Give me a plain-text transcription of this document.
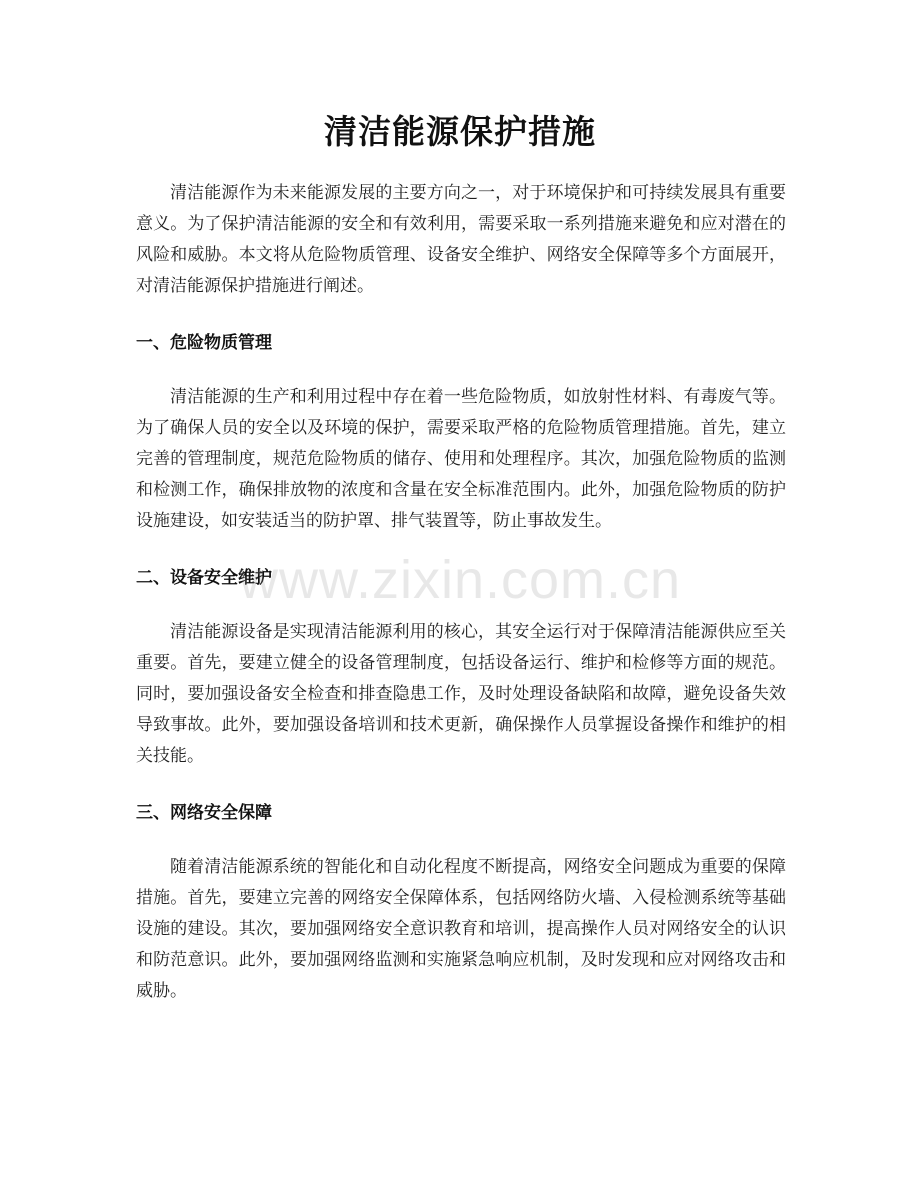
清洁能源保护措施

清洁能源作为未来能源发展的主要方向之一，对于环境保护和可持续发展具有重要意义。为了保护清洁能源的安全和有效利用，需要采取一系列措施来避免和应对潜在的风险和威胁。本文将从危险物质管理、设备安全维护、网络安全保障等多个方面展开，对清洁能源保护措施进行阐述。

一、危险物质管理

清洁能源的生产和利用过程中存在着一些危险物质，如放射性材料、有毒废气等。为了确保人员的安全以及环境的保护，需要采取严格的危险物质管理措施。首先，建立完善的管理制度，规范危险物质的储存、使用和处理程序。其次，加强危险物质的监测和检测工作，确保排放物的浓度和含量在安全标准范围内。此外，加强危险物质的防护设施建设，如安装适当的防护罩、排气装置等，防止事故发生。

二、设备安全维护

清洁能源设备是实现清洁能源利用的核心，其安全运行对于保障清洁能源供应至关重要。首先，要建立健全的设备管理制度，包括设备运行、维护和检修等方面的规范。同时，要加强设备安全检查和排查隐患工作，及时处理设备缺陷和故障，避免设备失效导致事故。此外，要加强设备培训和技术更新，确保操作人员掌握设备操作和维护的相关技能。

三、网络安全保障

随着清洁能源系统的智能化和自动化程度不断提高，网络安全问题成为重要的保障措施。首先，要建立完善的网络安全保障体系，包括网络防火墙、入侵检测系统等基础设施的建设。其次，要加强网络安全意识教育和培训，提高操作人员对网络安全的认识和防范意识。此外，要加强网络监测和实施紧急响应机制，及时发现和应对网络攻击和威胁。

www.zixin.com.cn
